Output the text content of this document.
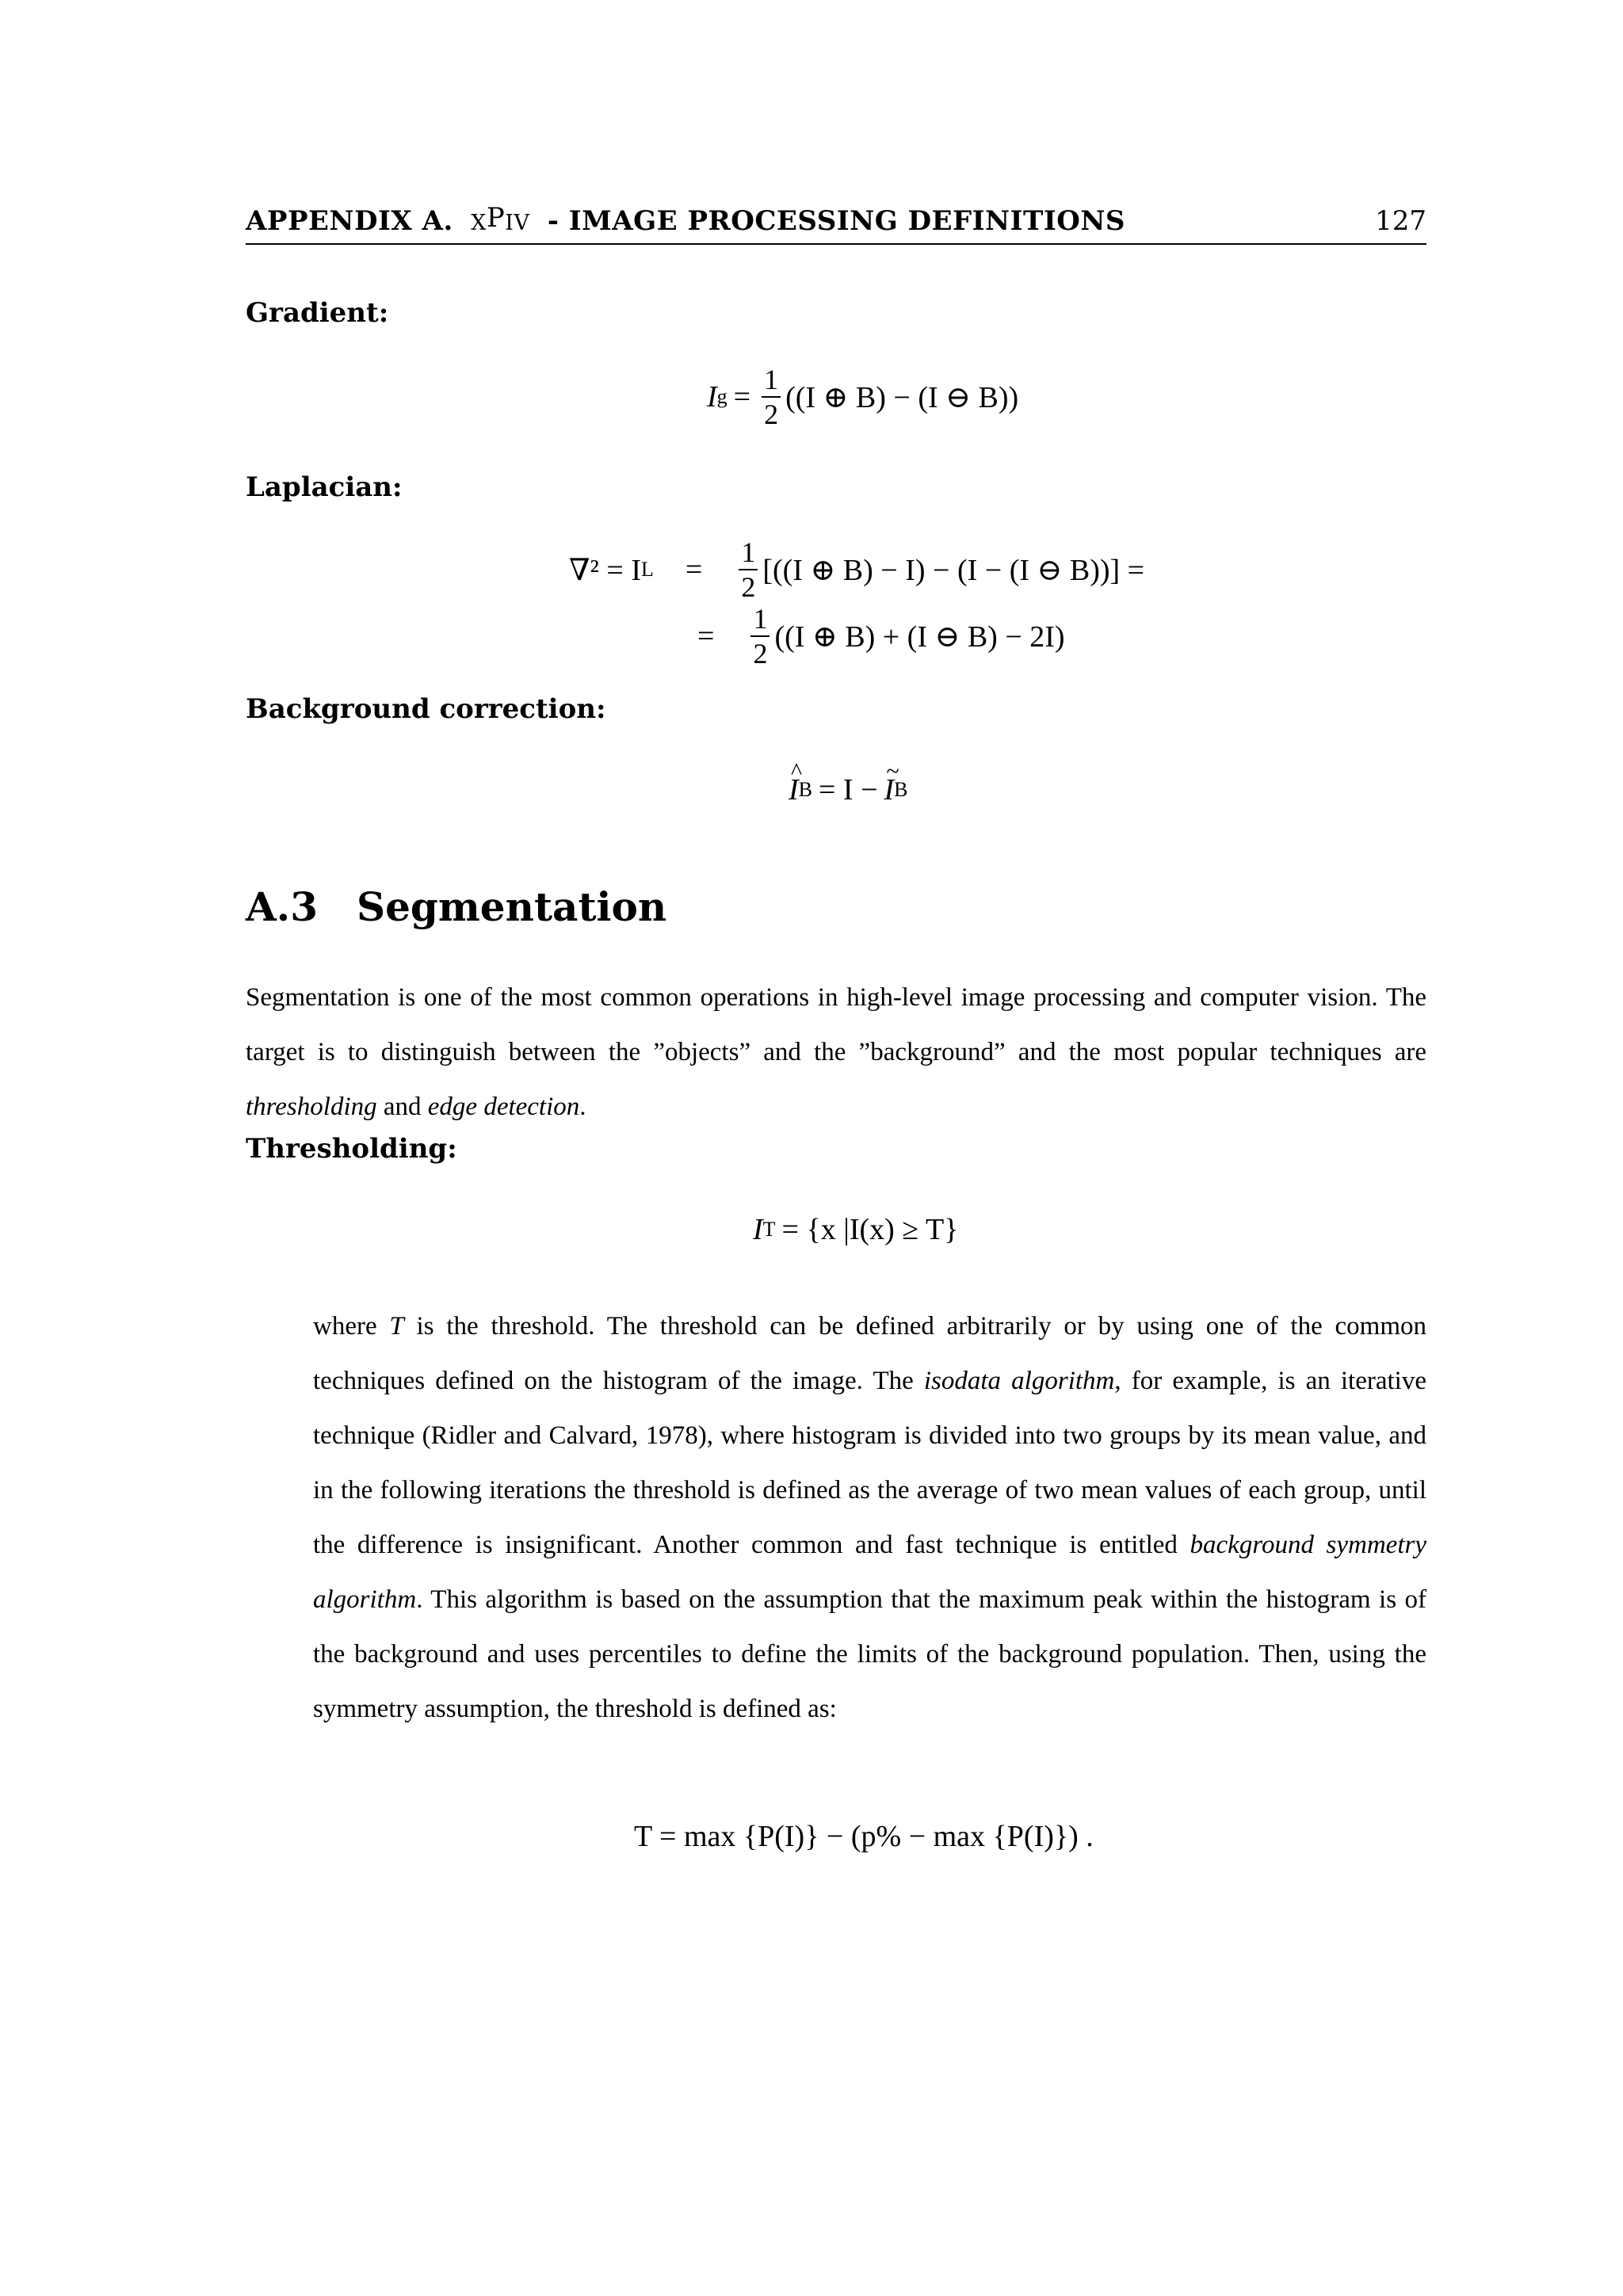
APPENDIX A. XPIV - IMAGE PROCESSING DEFINITIONS	127
Gradient:
I $g = \frac{1}{2} ((I$ ⊕ B) − (I ⊖ B))
Laplacian:
∇² = I $L = \frac{1}{2} [((I$ ⊕ B) − I) − (I − (I ⊖ B))] =
= $\frac{1}{2} ((I$ ⊕ B) + (I ⊖ B) − 2I)
Background correction:
^
I B = I −
~
I B
A.3 Segmentation
Segmentation is one of the most common operations in high-level image processing and computer vision. The target is to distinguish between the ”objects” and the ”background” and the most popular techniques are thresholding and edge detection.
Thresholding:
I T = {x |I(x) ≥ T}
where T is the threshold. The threshold can be defined arbitrarily or by using one of the common techniques defined on the histogram of the image. The isodata algorithm, for example, is an iterative technique (Ridler and Calvard, 1978), where histogram is divided into two groups by its mean value, and in the following iterations the threshold is defined as the average of two mean values of each group, until the difference is insignificant. Another common and fast technique is entitled background symmetry algorithm. This algorithm is based on the assumption that the maximum peak within the histogram is of the background and uses percentiles to define the limits of the background population. Then, using the symmetry assumption, the threshold is defined as:
T = max {P(I)} − (p% − max {P(I)}) .
